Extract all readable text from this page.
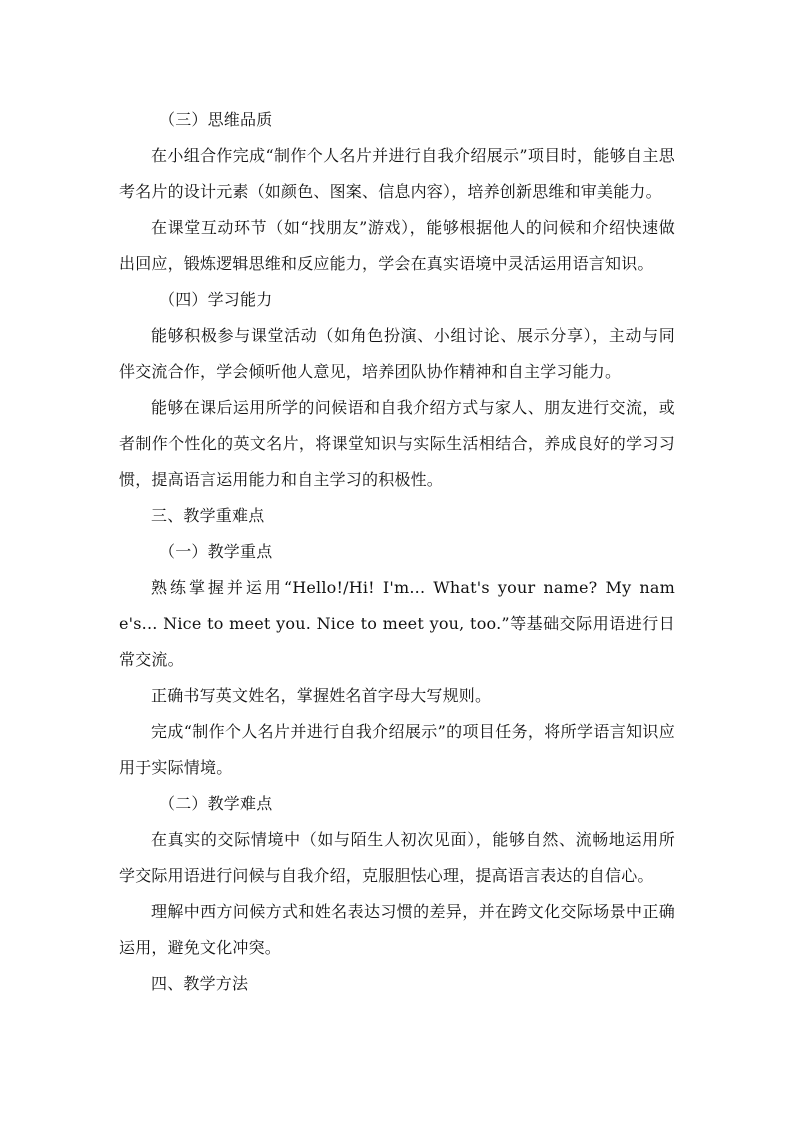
（三）思维品质

在小组合作完成“制作个人名片并进行自我介绍展示”项目时，能够自主思考名片的设计元素（如颜色、图案、信息内容），培养创新思维和审美能力。

在课堂互动环节（如“找朋友”游戏），能够根据他人的问候和介绍快速做出回应，锻炼逻辑思维和反应能力，学会在真实语境中灵活运用语言知识。

（四）学习能力

能够积极参与课堂活动（如角色扮演、小组讨论、展示分享），主动与同伴交流合作，学会倾听他人意见，培养团队协作精神和自主学习能力。

能够在课后运用所学的问候语和自我介绍方式与家人、朋友进行交流，或者制作个性化的英文名片，将课堂知识与实际生活相结合，养成良好的学习习惯，提高语言运用能力和自主学习的积极性。

三、教学重难点

（一）教学重点

熟练掌握并运用“Hello!/Hi! I'm... What's your name? My name's... Nice to meet you. Nice to meet you, too.”等基础交际用语进行日常交流。

正确书写英文姓名，掌握姓名首字母大写规则。

完成“制作个人名片并进行自我介绍展示”的项目任务，将所学语言知识应用于实际情境。

（二）教学难点

在真实的交际情境中（如与陌生人初次见面），能够自然、流畅地运用所学交际用语进行问候与自我介绍，克服胆怯心理，提高语言表达的自信心。

理解中西方问候方式和姓名表达习惯的差异，并在跨文化交际场景中正确运用，避免文化冲突。

四、教学方法
